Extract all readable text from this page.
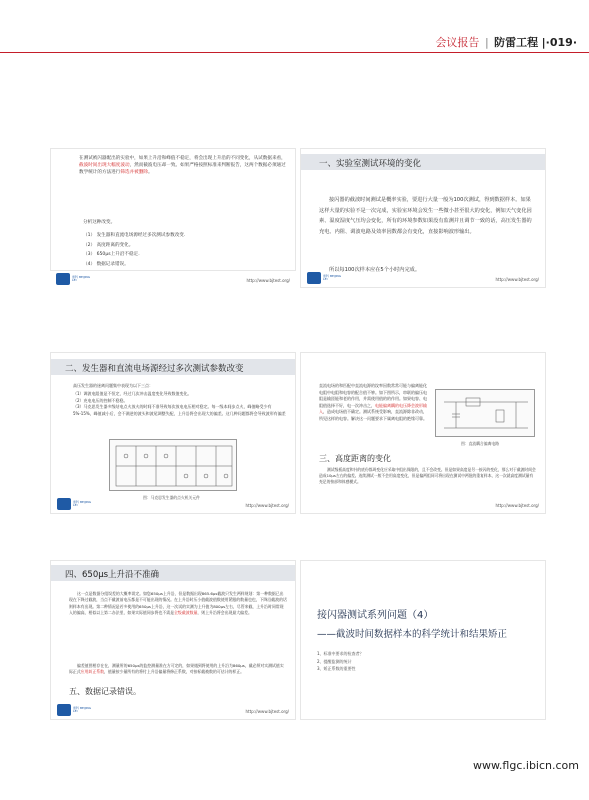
会议报告 | 防雷工程 |·019·
在测试被闪器配出的实验中，如果上升沿和峰值不稳定，将会出现上升沿的不同变化，从试数据来看，截波时间出现大幅度波动，然而截波电压却一致。如果严格按照标准来判断报告，这两个数据必须通过数学统计的方法进行筛选并被删除。
分析这种改变。
（1） 发生器和直流电场源经过多次测试参数改变.
（2） 高度距离的变化。
（3） 650μs上升沿不稳定.
（4） 数据记录错误。
雷科 BEIJING LEI	http://www.bjtest.org/
一、实验室测试环境的变化
接闪器的截波时间测试是概率实验，要进行大量一般为100次测试，得到数据样本。如果这样大量的实验不是一次完成，实验室环境会发生一些微小甚至很大的变化，例如天气变化因素、温度湿度气压均会变化，所有的环境参数如果没有监测并且调节一致的话，高压发生器的充电、内阻、调波电路及效率因数都会有变化，直接影响波形输出。
所以每100次样本应在5个小时内完成。
雷科 BEIJING LEI	http://www.bjtest.org/
二、发生器和直流电场源经过多次测试参数改变
高压发生器的迷离问题集中表现为以下三点：
（1）调波电阻值是不恒定，经过几次冲击温度变化导致数值变化。
（2）充电电压的控制不稳稳。
（3）马克思发生器多级结电点火放火的时间不准导致每次放电电压相对稳定。每一级本间步点火，峰值略受少有5%-15%，峰值减小后，会不满逆的波头和波尾调整失配，上升沿将会出现大的偏差。这几种问题都将会导致波形有偏差
图：马克思发生器的点火机关元件
雷科 BEIJING LEI	http://www.bjtest.org/
直流电场的和匹配中直流电源的纹率因数常常可能与偏离能化电阻中电阻和电容的配合值不够。如下图所示，串联的偏压电阻是输匝能和老的作用，并需使用值的的作用。如果电容、电阻值选择不好，电一次冲击之，电能偏离耦的电压降会波形输入，造成电场值不确定。测试系统受影响，直流源除非改动，所见这样的电容。解决这一问题要求下属离电阻的绝缘可靠。
图：直流耦合偏离电路
三、高度距离的变化
测试级板高度和针的底份都周变化应采取中组出保限的，且不会改变。但是如果高度是另一接闪的变化，那么对于截波时间会造成10μs左右的偏差。连续测试一般不会用高度变化，但是偏两组同可将出现在测试中两批的重复样本，这一次就高度测试量有充足的按部和体感模式。
http://www.bjtest.org/
四、650μs上升沿不准确
这一点是数据分组误差的大概率误定。如您650μs上升沿，但是数据出现865.6μs截波只发生两样规划：第一种数据已出现在下降过截波，当点不截波前电压都是不可能出现的情况。在上升沿时压小值截波值数使用紧跟的数量也也，下降沿截波的话则样本有出现。第二种情况是若多使用约650μs上升沿，这一次试的实测为上升值为800μs左右，尽管来截，上升沿时同常现入的偏高，相似以上第二办法里，如果实际值同步将也不需是全级截波数量，则上升沿将会出现最大偏差。
偏差值图相存在在，测量所的650μs的监控测量准在方可定的，如果遇到将使用的上升沿为860μs，截必须对实测试值实际正式应用纠正系数，值量按少量所有的将付上升沿偏量将修正系数，对按标截被数的可估计的样正。
五、数据记录错误。
雷科 BEIJING LEI	http://www.bjtest.org/
接闪器测试系列问题（4）
——截波时间数据样本的科学统计和结果矫正
1、标准中要求的检查者？
2、提醒监测的统计
3、矫正系数的重要性
www.flgc.ibicn.com
